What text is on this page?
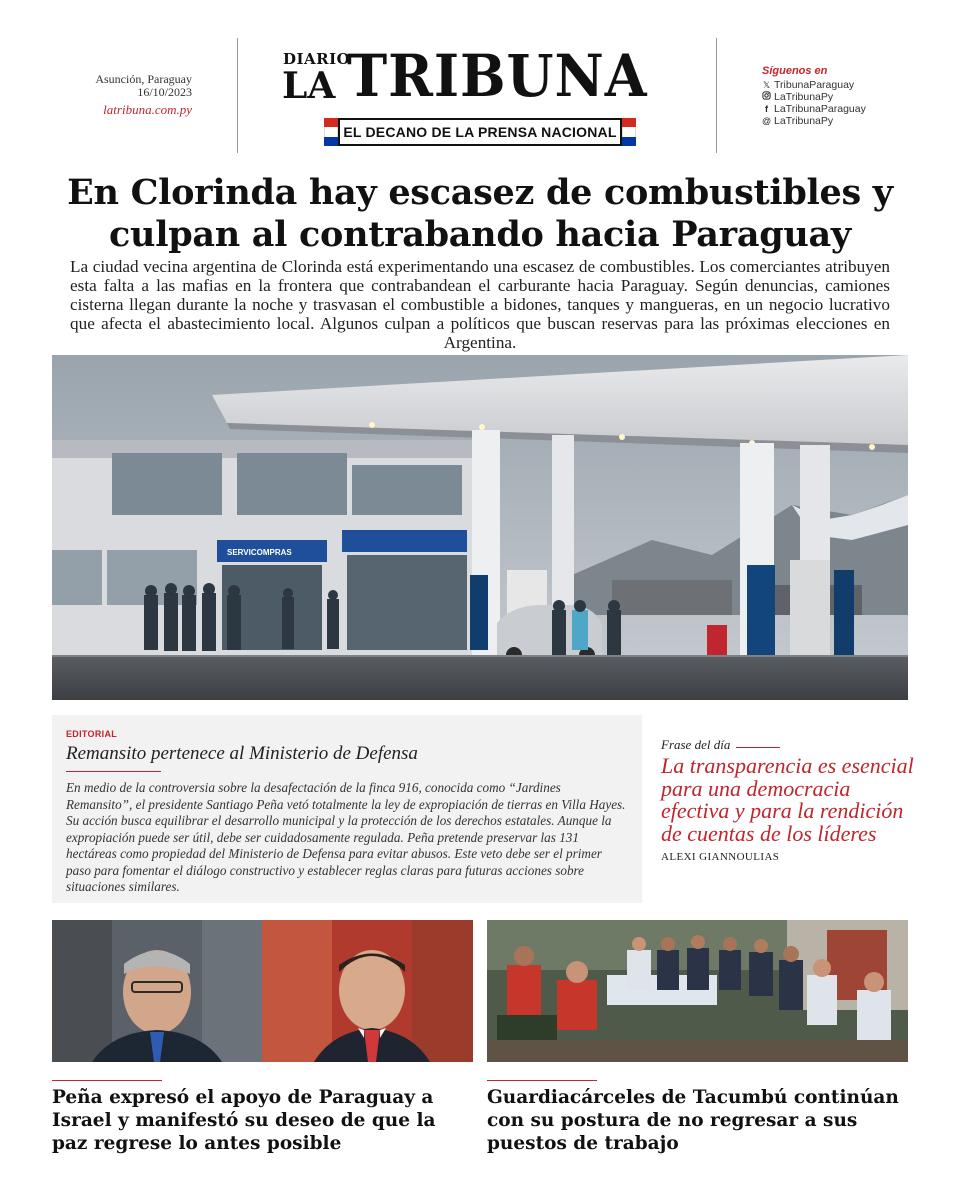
Asunción, Paraguay
16/10/2023
latribuna.com.py
DIARIO
LA TRIBUNA
EL DECANO DE LA PRENSA NACIONAL
Síguenos en
𝕏 TribunaParaguay
LaTribunaPy
f LaTribunaParaguay
@ LaTribunaPy
En Clorinda hay escasez de combustibles y culpan al contrabando hacia Paraguay

La ciudad vecina argentina de Clorinda está experimentando una escasez de combustibles. Los comerciantes atribuyen esta falta a las mafias en la frontera que contrabandean el carburante hacia Paraguay. Según denuncias, camiones cisterna llegan durante la noche y trasvasan el combustible a bidones, tanques y mangueras, en un negocio lucrativo que afecta el abastecimiento local. Algunos culpan a políticos que buscan reservas para las próximas elecciones en Argentina.

SERVICOMPRAS
EDITORIAL
Remansito pertenece al Ministerio de Defensa
En medio de la controversia sobre la desafectación de la finca 916, conocida como “Jardines Remansito”, el presidente Santiago Peña vetó totalmente la ley de expropiación de tierras en Villa Hayes. Su acción busca equilibrar el desarrollo municipal y la protección de los derechos estatales. Aunque la expropiación puede ser útil, debe ser cuidadosamente regulada. Peña pretende preservar las 131 hectáreas como propiedad del Ministerio de Defensa para evitar abusos. Este veto debe ser el primer paso para fomentar el diálogo constructivo y establecer reglas claras para futuras acciones sobre situaciones similares.
Frase del día
La transparencia es esencial para una democracia efectiva y para la rendición de cuentas de los líderes
ALEXI GIANNOULIAS
Peña expresó el apoyo de Paraguay a Israel y manifestó su deseo de que la paz regrese lo antes posible
Guardiacárceles de Tacumbú continúan con su postura de no regresar a sus puestos de trabajo
